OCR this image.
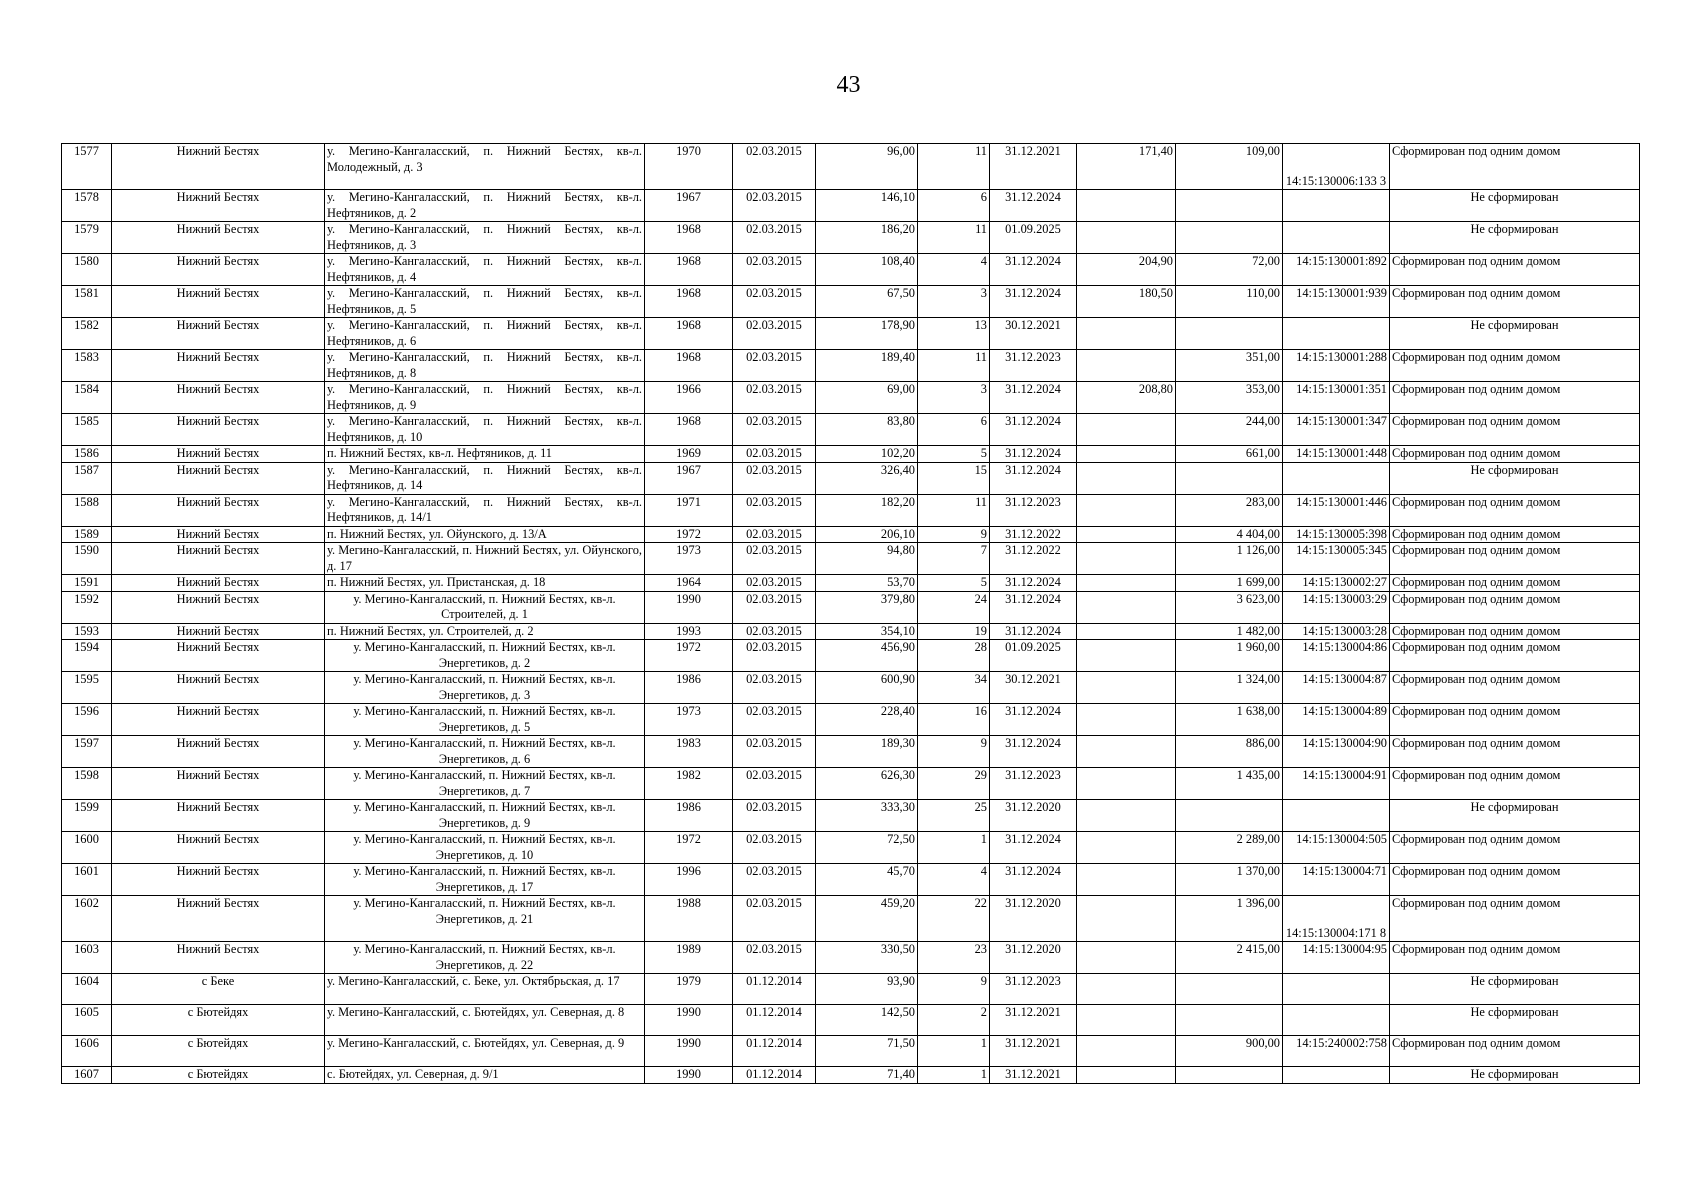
43
1577	Нижний Бестях	у. Мегино-Кангаласский, п. Нижний Бестях, кв-л. Молодежный, д. 3	1970	02.03.2015	96,00	11	31.12.2021	171,40	109,00	14:15:130006:133 3	Сформирован под одним домом
1578	Нижний Бестях	у. Мегино-Кангаласский, п. Нижний Бестях, кв-л. Нефтяников, д. 2	1967	02.03.2015	146,10	6	31.12.2024				Не сформирован
1579	Нижний Бестях	у. Мегино-Кангаласский, п. Нижний Бестях, кв-л. Нефтяников, д. 3	1968	02.03.2015	186,20	11	01.09.2025				Не сформирован
1580	Нижний Бестях	у. Мегино-Кангаласский, п. Нижний Бестях, кв-л. Нефтяников, д. 4	1968	02.03.2015	108,40	4	31.12.2024	204,90	72,00	14:15:130001:892	Сформирован под одним домом
1581	Нижний Бестях	у. Мегино-Кангаласский, п. Нижний Бестях, кв-л. Нефтяников, д. 5	1968	02.03.2015	67,50	3	31.12.2024	180,50	110,00	14:15:130001:939	Сформирован под одним домом
1582	Нижний Бестях	у. Мегино-Кангаласский, п. Нижний Бестях, кв-л. Нефтяников, д. 6	1968	02.03.2015	178,90	13	30.12.2021				Не сформирован
1583	Нижний Бестях	у. Мегино-Кангаласский, п. Нижний Бестях, кв-л. Нефтяников, д. 8	1968	02.03.2015	189,40	11	31.12.2023		351,00	14:15:130001:288	Сформирован под одним домом
1584	Нижний Бестях	у. Мегино-Кангаласский, п. Нижний Бестях, кв-л. Нефтяников, д. 9	1966	02.03.2015	69,00	3	31.12.2024	208,80	353,00	14:15:130001:351	Сформирован под одним домом
1585	Нижний Бестях	у. Мегино-Кангаласский, п. Нижний Бестях, кв-л. Нефтяников, д. 10	1968	02.03.2015	83,80	6	31.12.2024		244,00	14:15:130001:347	Сформирован под одним домом
1586	Нижний Бестях	п. Нижний Бестях, кв-л. Нефтяников, д. 11	1969	02.03.2015	102,20	5	31.12.2024		661,00	14:15:130001:448	Сформирован под одним домом
1587	Нижний Бестях	у. Мегино-Кангаласский, п. Нижний Бестях, кв-л. Нефтяников, д. 14	1967	02.03.2015	326,40	15	31.12.2024				Не сформирован
1588	Нижний Бестях	у. Мегино-Кангаласский, п. Нижний Бестях, кв-л. Нефтяников, д. 14/1	1971	02.03.2015	182,20	11	31.12.2023		283,00	14:15:130001:446	Сформирован под одним домом
1589	Нижний Бестях	п. Нижний Бестях, ул. Ойунского, д. 13/А	1972	02.03.2015	206,10	9	31.12.2022		4 404,00	14:15:130005:398	Сформирован под одним домом
1590	Нижний Бестях	у. Мегино-Кангаласский, п. Нижний Бестях, ул. Ойунского, д. 17	1973	02.03.2015	94,80	7	31.12.2022		1 126,00	14:15:130005:345	Сформирован под одним домом
1591	Нижний Бестях	п. Нижний Бестях, ул. Пристанская, д. 18	1964	02.03.2015	53,70	5	31.12.2024		1 699,00	14:15:130002:27	Сформирован под одним домом
1592	Нижний Бестях	у. Мегино-Кангаласский, п. Нижний Бестях, кв-л. Строителей, д. 1	1990	02.03.2015	379,80	24	31.12.2024		3 623,00	14:15:130003:29	Сформирован под одним домом
1593	Нижний Бестях	п. Нижний Бестях, ул. Строителей, д. 2	1993	02.03.2015	354,10	19	31.12.2024		1 482,00	14:15:130003:28	Сформирован под одним домом
1594	Нижний Бестях	у. Мегино-Кангаласский, п. Нижний Бестях, кв-л. Энергетиков, д. 2	1972	02.03.2015	456,90	28	01.09.2025		1 960,00	14:15:130004:86	Сформирован под одним домом
1595	Нижний Бестях	у. Мегино-Кангаласский, п. Нижний Бестях, кв-л. Энергетиков, д. 3	1986	02.03.2015	600,90	34	30.12.2021		1 324,00	14:15:130004:87	Сформирован под одним домом
1596	Нижний Бестях	у. Мегино-Кангаласский, п. Нижний Бестях, кв-л. Энергетиков, д. 5	1973	02.03.2015	228,40	16	31.12.2024		1 638,00	14:15:130004:89	Сформирован под одним домом
1597	Нижний Бестях	у. Мегино-Кангаласский, п. Нижний Бестях, кв-л. Энергетиков, д. 6	1983	02.03.2015	189,30	9	31.12.2024		886,00	14:15:130004:90	Сформирован под одним домом
1598	Нижний Бестях	у. Мегино-Кангаласский, п. Нижний Бестях, кв-л. Энергетиков, д. 7	1982	02.03.2015	626,30	29	31.12.2023		1 435,00	14:15:130004:91	Сформирован под одним домом
1599	Нижний Бестях	у. Мегино-Кангаласский, п. Нижний Бестях, кв-л. Энергетиков, д. 9	1986	02.03.2015	333,30	25	31.12.2020				Не сформирован
1600	Нижний Бестях	у. Мегино-Кангаласский, п. Нижний Бестях, кв-л. Энергетиков, д. 10	1972	02.03.2015	72,50	1	31.12.2024		2 289,00	14:15:130004:505	Сформирован под одним домом
1601	Нижний Бестях	у. Мегино-Кангаласский, п. Нижний Бестях, кв-л. Энергетиков, д. 17	1996	02.03.2015	45,70	4	31.12.2024		1 370,00	14:15:130004:71	Сформирован под одним домом
1602	Нижний Бестях	у. Мегино-Кангаласский, п. Нижний Бестях, кв-л. Энергетиков, д. 21	1988	02.03.2015	459,20	22	31.12.2020		1 396,00	14:15:130004:171 8	Сформирован под одним домом
1603	Нижний Бестях	у. Мегино-Кангаласский, п. Нижний Бестях, кв-л. Энергетиков, д. 22	1989	02.03.2015	330,50	23	31.12.2020		2 415,00	14:15:130004:95	Сформирован под одним домом
1604	с Беке	у. Мегино-Кангаласский, с. Беке, ул. Октябрьская, д. 17	1979	01.12.2014	93,90	9	31.12.2023				Не сформирован
1605	с Бютейдях	у. Мегино-Кангаласский, с. Бютейдях, ул. Северная, д. 8	1990	01.12.2014	142,50	2	31.12.2021				Не сформирован
1606	с Бютейдях	у. Мегино-Кангаласский, с. Бютейдях, ул. Северная, д. 9	1990	01.12.2014	71,50	1	31.12.2021		900,00	14:15:240002:758	Сформирован под одним домом
1607	с Бютейдях	с. Бютейдях, ул. Северная, д. 9/1	1990	01.12.2014	71,40	1	31.12.2021				Не сформирован
